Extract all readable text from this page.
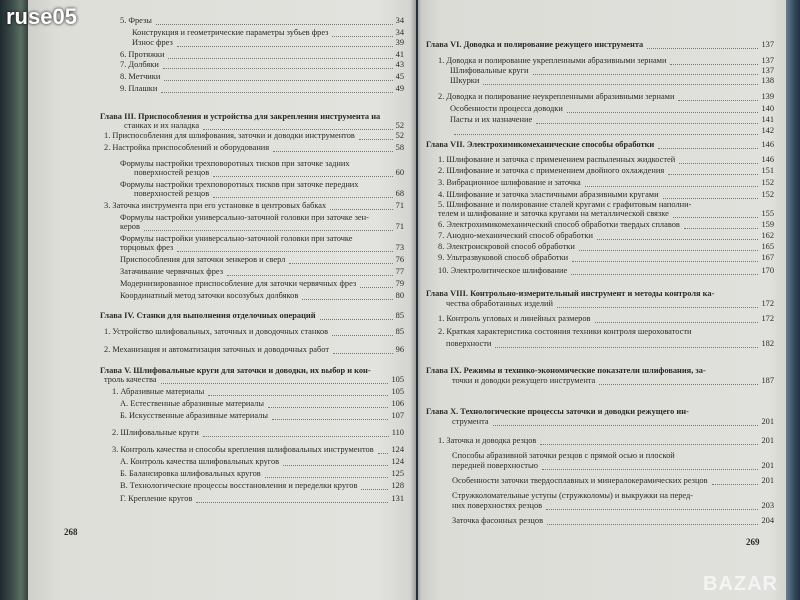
268
5. Фрезы	34
Конструкция и геометрические параметры зубьев фрез	34
Износ фрез	39
6. Протяжки	41
7. Долбяки	43
8. Метчики	45
9. Плашки	49
Глава III. Приспособления и устройства для закрепления инструмента на
станках и их наладка	52
1. Приспособления для шлифования, заточки и доводки инструментов	52
2. Настройка приспособлений и оборудования	58
Формулы настройки трехповоротных тисков при заточке задних
поверхностей резцов	60
Формулы настройки трехповоротных тисков при заточке передних
поверхностей резцов	68
3. Заточка инструмента при его установке в центровых бабках	71
Формулы настройки универсально-заточной головки при заточке зен-
керов	71
Формулы настройки универсально-заточной головки при заточке
торцовых фрез	73
Приспособления для заточки зенкеров и сверл	76
Затачивание червячных фрез	77
Модернизированное приспособление для заточки червячных фрез	79
Координатный метод заточки косозубых долбяков	80
Глава IV. Станки для выполнения отделочных операций	85
1. Устройство шлифовальных, заточных и доводочных станков	85
2. Механизация и автоматизация заточных и доводочных работ	96
Глава V. Шлифовальные круги для заточки и доводки, их выбор и кон-
троль качества	105
1. Абразивные материалы	105
А. Естественные абразивные материалы	106
Б. Искусственные абразивные материалы	107
2. Шлифовальные круги	110
3. Контроль качества и способы крепления шлифовальных инструментов 124
А. Контроль качества шлифовальных кругов	124
Б. Балансировка шлифовальных кругов	125
В. Технологические процессы восстановления и переделки кругов	128
Г. Крепление кругов	131
269
Глава VI. Доводка и полирование режущего инструмента	137
1. Доводка и полирование укрепленными абразивными зернами	137
Шлифовальные круги	137
Шкурки	138
2. Доводка и полирование неукрепленными абразивными зернами	139
Особенности процесса доводки	140
Пасты и их назначение	141
142
Глава VII. Электрохимикомеханические способы обработки	146
1. Шлифование и заточка с применением распыленных жидкостей	146
2. Шлифование и заточка с применением двойного охлаждения	151
3. Вибрационное шлифование и заточка	152
4. Шлифование и заточка эластичными абразивными кругами	152
5. Шлифование и полирование сталей кругами с графитовым наполни-
телем и шлифование и заточка кругами на металлической связке	155
6. Электрохимикомеханический способ обработки твердых сплавов	159
7. Анодно-механический способ обработки	162
8. Электроискровой способ обработки	165
9. Ультразвуковой способ обработки	167
10. Электролитическое шлифование	170
Глава VIII. Контрольно-измерительный инструмент и методы контроля ка-
чества обработанных изделий	172
1. Контроль угловых и линейных размеров	172
2. Краткая характеристика состояния техники контроля шероховатости
поверхности	182
Глава IX. Режимы и технико-экономические показатели шлифования, за-
точки и доводки режущего инструмента	187
Глава X. Технологические процессы заточки и доводки режущего ин-
струмента	201
1. Заточка и доводка резцов	201
Способы абразивной заточки резцов с прямой осью и плоской
передней поверхностью	201
Особенности заточки твердосплавных и минералокерамических резцов	201
Стружколомательные уступы (стружколомы) и выкружки на перед-
них поверхностях резцов	203
Заточка фасонных резцов	204
ruse05
BAZAR
